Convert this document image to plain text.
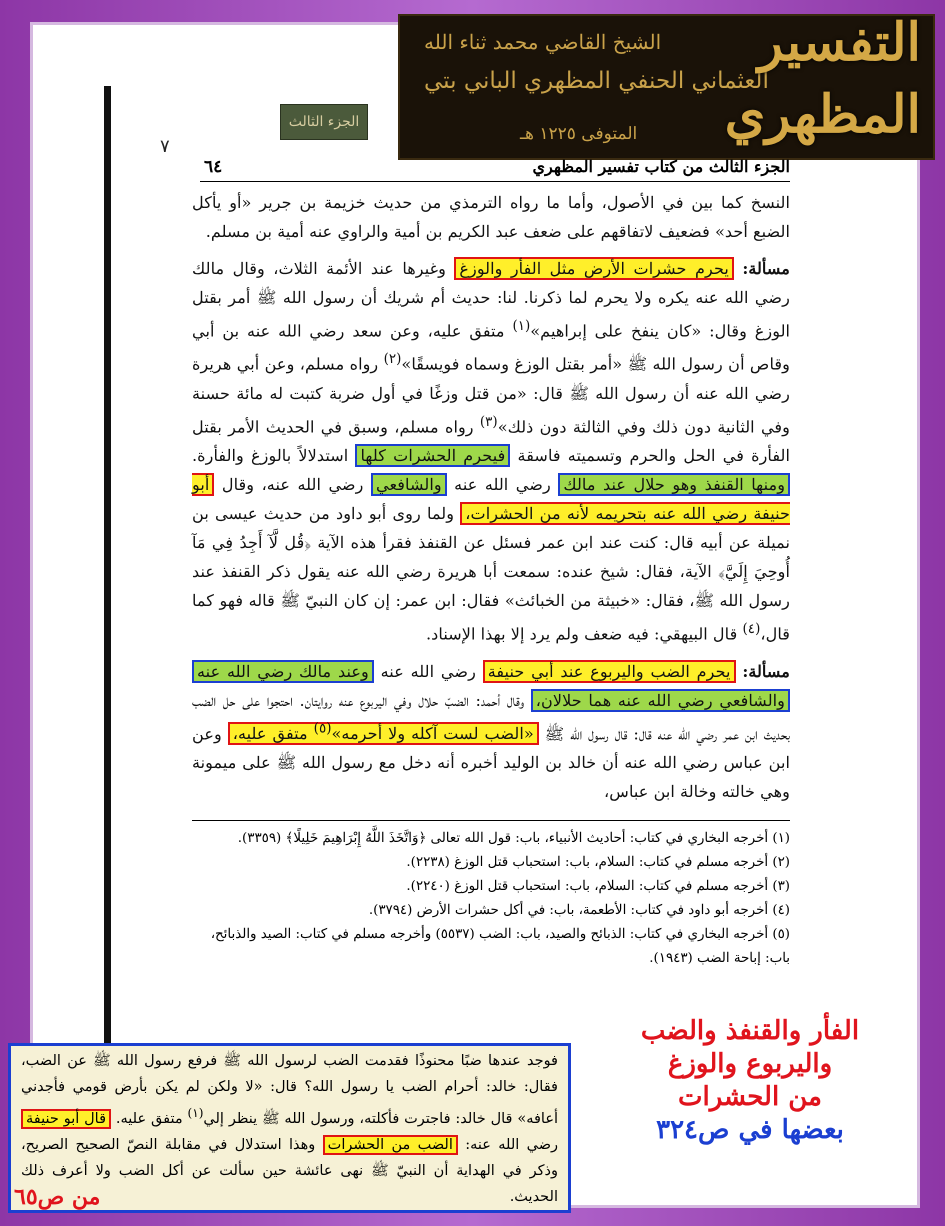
الشيخ القاضي محمد ثناء الله
العثماني الحنفي المظهري الباني بتي
المتوفى ١٢٢٥ هـ
التفسير
المظهري
الجزء الثالث
٧
الجزء الثالث من كتاب تفسير المظهري
٦٤

النسخ كما بين في الأصول، وأما ما رواه الترمذي من حديث خزيمة بن جرير «أو يأكل الضبع أحد» فضعيف لاتفاقهم على ضعف عبد الكريم بن أمية والراوي عنه أمية بن مسلم.

مسألة: يحرم حشرات الأرض مثل الفأر والوزغ وغيرها عند الأئمة الثلاث، وقال مالك رضي الله عنه يكره ولا يحرم لما ذكرنا. لنا: حديث أم شريك أن رسول الله ﷺ أمر بقتل الوزغ وقال: «كان ينفخ على إبراهيم»$^{(١)}$ متفق عليه، وعن سعد رضي الله عنه بن أبي وقاص أن رسول الله ﷺ «أمر بقتل الوزغ وسماه فويسقًا»$^{(٢)}$ رواه مسلم، وعن أبي هريرة رضي الله عنه أن رسول الله ﷺ قال: «من قتل وزغًا في أول ضربة كتبت له مائة حسنة وفي الثانية دون ذلك وفي الثالثة دون ذلك»$^{(٣)}$ رواه مسلم، وسبق في الحديث الأمر بقتل الفأرة في الحل والحرم وتسميته فاسقة فيحرم الحشرات كلها استدلالاً بالوزغ والفأرة. ومنها القنفذ وهو حلال عند مالك رضي الله عنه والشافعي رضي الله عنه، وقال أبو حنيفة رضي الله عنه بتحريمه لأنه من الحشرات، ولما روى أبو داود من حديث عيسى بن نميلة عن أبيه قال: كنت عند ابن عمر فسئل عن القنفذ فقرأ هذه الآية ﴿قُل لَّآ أَجِدُ فِي مَآ أُوحِيَ إِلَيَّ﴾ الآية، فقال: شيخ عنده: سمعت أبا هريرة رضي الله عنه يقول ذكر القنفذ عند رسول الله ﷺ، فقال: «خبيثة من الخبائث» فقال: ابن عمر: إن كان النبيّ ﷺ قاله فهو كما قال،$^{(٤)}$ قال البيهقي: فيه ضعف ولم يرد إلا بهذا الإسناد.

مسألة: يحرم الضب واليربوع عند أبي حنيفة رضي الله عنه وعند مالك رضي الله عنه والشافعي رضي الله عنه هما حلالان، وقال أحمد: الضبّ حلال وفي اليربوع عنه روايتان. احتجوا على حل الضب بحديث ابن عمر رضي الله عنه قال: قال رسول الله ﷺ «الضب لست آكله ولا أحرمه»$^{(٥)}$ متفق عليه، وعن ابن عباس رضي الله عنه أن خالد بن الوليد أخبره أنه دخل مع رسول الله ﷺ على ميمونة وهي خالته وخالة ابن عباس،

(١) أخرجه البخاري في كتاب: أحاديث الأنبياء، باب: قول الله تعالى ﴿وَاتَّخَذَ اللَّهُ إِبْرَاهِيمَ خَلِيلًا﴾ (٣٣٥٩).
(٢) أخرجه مسلم في كتاب: السلام، باب: استحباب قتل الوزغ (٢٢٣٨).
(٣) أخرجه مسلم في كتاب: السلام، باب: استحباب قتل الوزغ (٢٢٤٠).
(٤) أخرجه أبو داود في كتاب: الأطعمة، باب: في أكل حشرات الأرض (٣٧٩٤).
(٥) أخرجه البخاري في كتاب: الذبائح والصيد، باب: الضب (٥٥٣٧) وأخرجه مسلم في كتاب: الصيد والذبائح، باب: إباحة الضب (١٩٤٣).
الفأر والقنفذ والضب
واليربوع والوزغ
من الحشرات
بعضها في ص٣٢٤
فوجد عندها ضبًا محنوذًا فقدمت الضب لرسول الله ﷺ فرفع رسول الله ﷺ عن الضب، فقال: خالد: أحرام الضب يا رسول الله؟ قال: «لا ولكن لم يكن بأرض قومي فأجدني أعافه» قال خالد: فاجترت فأكلته، ورسول الله ﷺ ينظر إلي$^{(١)}$ متفق عليه. قال أبو حنيفة رضي الله عنه: الضب من الحشرات وهذا استدلال في مقابلة النصّ الصحيح الصريح، وذكر في الهداية أن النبيّ ﷺ نهى عائشة حين سألت عن أكل الضب ولا أعرف ذلك الحديث.
من ص٦٥
